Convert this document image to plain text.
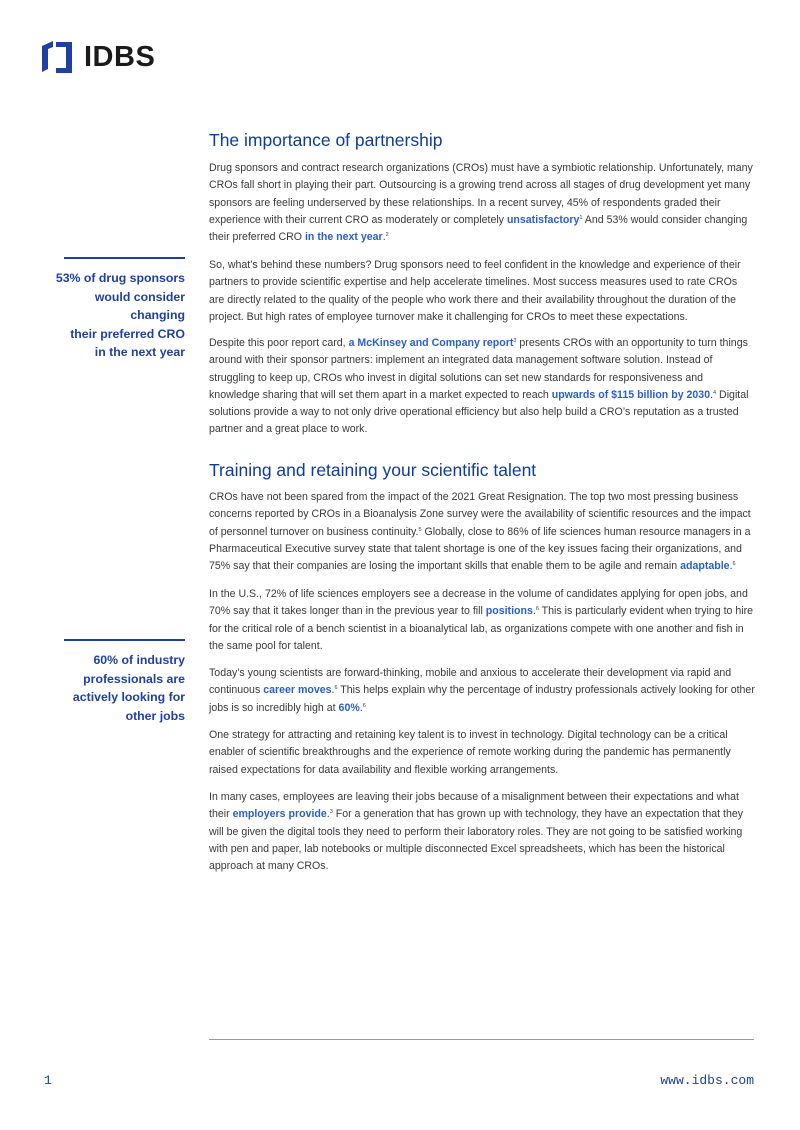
IDBS
The importance of partnership

Drug sponsors and contract research organizations (CROs) must have a symbiotic relationship. Unfortunately, many CROs fall short in playing their part. Outsourcing is a growing trend across all stages of drug development yet many sponsors are feeling underserved by these relationships. In a recent survey, 45% of respondents graded their experience with their current CRO as moderately or completely unsatisfactory$^1$ And 53% would consider changing their preferred CRO in the next year.$^2$

So, what’s behind these numbers? Drug sponsors need to feel confident in the knowledge and experience of their partners to provide scientific expertise and help accelerate timelines. Most success measures used to rate CROs are directly related to the quality of the people who work there and their availability throughout the duration of the project. But high rates of employee turnover make it challenging for CROs to meet these expectations.

Despite this poor report card, a McKinsey and Company report$^3$ presents CROs with an opportunity to turn things around with their sponsor partners: implement an integrated data management software solution. Instead of struggling to keep up, CROs who invest in digital solutions can set new standards for responsiveness and knowledge sharing that will set them apart in a market expected to reach upwards of $115 billion by 2030.$^4$ Digital solutions provide a way to not only drive operational efficiency but also help build a CRO’s reputation as a trusted partner and a great place to work.

Training and retaining your scientific talent

CROs have not been spared from the impact of the 2021 Great Resignation. The top two most pressing business concerns reported by CROs in a Bioanalysis Zone survey were the availability of scientific resources and the impact of personnel turnover on business continuity.$^5$ Globally, close to 86% of life sciences human resource managers in a Pharmaceutical Executive survey state that talent shortage is one of the key issues facing their organizations, and 75% say that their companies are losing the important skills that enable them to be agile and remain adaptable.$^6$

In the U.S., 72% of life sciences employers see a decrease in the volume of candidates applying for open jobs, and 70% say that it takes longer than in the previous year to fill positions.$^6$ This is particularly evident when trying to hire for the critical role of a bench scientist in a bioanalytical lab, as organizations compete with one another and fish in the same pool for talent.

Today’s young scientists are forward-thinking, mobile and anxious to accelerate their development via rapid and continuous career moves.$^6$ This helps explain why the percentage of industry professionals actively looking for other jobs is so incredibly high at 60%.$^6$

One strategy for attracting and retaining key talent is to invest in technology. Digital technology can be a critical enabler of scientific breakthroughs and the experience of remote working during the pandemic has permanently raised expectations for data availability and flexible working arrangements.

In many cases, employees are leaving their jobs because of a misalignment between their expectations and what their employers provide.$^3$ For a generation that has grown up with technology, they have an expectation that they will be given the digital tools they need to perform their laboratory roles. They are not going to be satisfied working with pen and paper, lab notebooks or multiple disconnected Excel spreadsheets, which has been the historical approach at many CROs.

53% of drug sponsors
would consider changing
their preferred CRO
in the next year
60% of industry
professionals are
actively looking for
other jobs
1	www.idbs.com
